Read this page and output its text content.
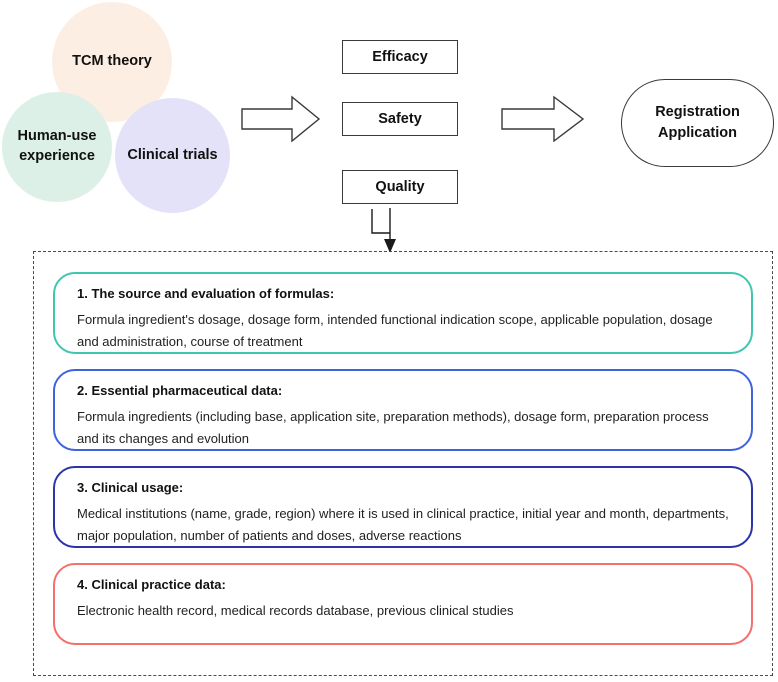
TCM theory
Human-use
experience Clinical trials
Efficacy
Safety
Quality
Registration
Application

1. The source and evaluation of formulas:

Formula ingredient's dosage, dosage form, intended functional indication scope, applicable population, dosage and administration, course of treatment

2. Essential pharmaceutical data:

Formula ingredients (including base, application site, preparation methods), dosage form, preparation process and its changes and evolution

3. Clinical usage:

Medical institutions (name, grade, region) where it is used in clinical practice, initial year and month, departments, major population, number of patients and doses, adverse reactions

4. Clinical practice data:

Electronic health record, medical records database, previous clinical studies
